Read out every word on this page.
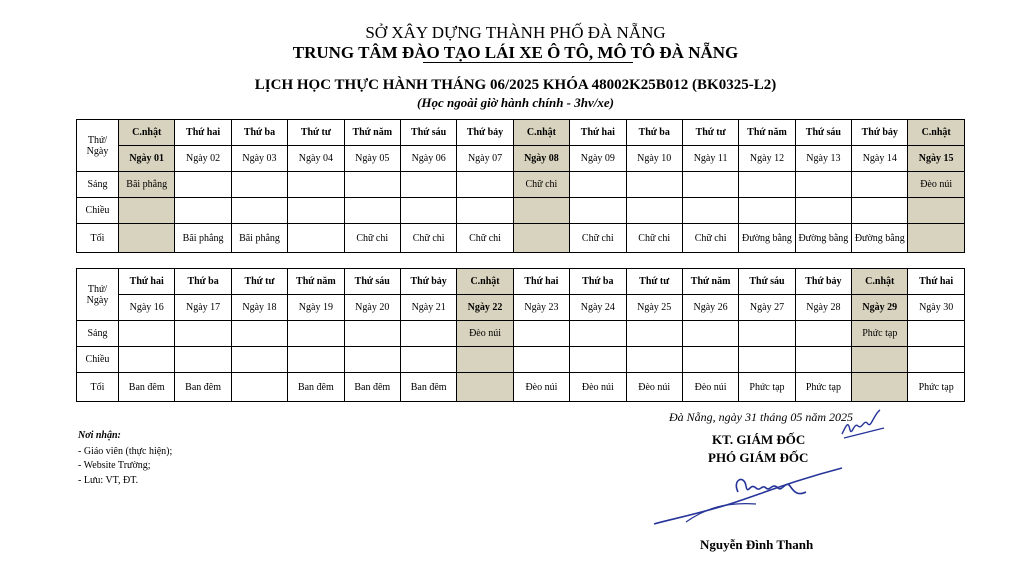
SỞ XÂY DỰNG THÀNH PHỐ ĐÀ NẴNG
TRUNG TÂM ĐÀO TẠO LÁI XE Ô TÔ, MÔ TÔ ĐÀ NẴNG
LỊCH HỌC THỰC HÀNH THÁNG 06/2025 KHÓA 48002K25B012 (BK0325-L2)
(Học ngoài giờ hành chính - 3hv/xe)
Thứ/ Ngày	C.nhật	Thứ hai	Thứ ba	Thứ tư	Thứ năm	Thứ sáu	Thứ bảy	C.nhật	Thứ hai	Thứ ba	Thứ tư	Thứ năm	Thứ sáu	Thứ bảy	C.nhật
	Ngày 01	Ngày 02	Ngày 03	Ngày 04	Ngày 05	Ngày 06	Ngày 07	Ngày 08	Ngày 09	Ngày 10	Ngày 11	Ngày 12	Ngày 13	Ngày 14	Ngày 15
Sáng	Bãi phẳng							Chữ chi							Đèo núi
Chiều															
Tối		Bãi phẳng	Bãi phẳng		Chữ chi	Chữ chi	Chữ chi		Chữ chi	Chữ chi	Chữ chi	Đường bằng	Đường bằng	Đường bằng	
Thứ/ Ngày	Thứ hai	Thứ ba	Thứ tư	Thứ năm	Thứ sáu	Thứ bảy	C.nhật	Thứ hai	Thứ ba	Thứ tư	Thứ năm	Thứ sáu	Thứ bảy	C.nhật	Thứ hai
	Ngày 16	Ngày 17	Ngày 18	Ngày 19	Ngày 20	Ngày 21	Ngày 22	Ngày 23	Ngày 24	Ngày 25	Ngày 26	Ngày 27	Ngày 28	Ngày 29	Ngày 30
Sáng							Đèo núi							Phức tạp	
Chiều															
Tối	Ban đêm	Ban đêm		Ban đêm	Ban đêm	Ban đêm		Đèo núi	Đèo núi	Đèo núi	Đèo núi	Phức tạp	Phức tạp		Phức tạp
Đà Nẵng, ngày 31 tháng 05 năm 2025
KT. GIÁM ĐỐC
PHÓ GIÁM ĐỐC
Nguyễn Đình Thanh
Nơi nhận:
- Giáo viên (thực hiện);
- Website Trường;
- Lưu: VT, ĐT.
